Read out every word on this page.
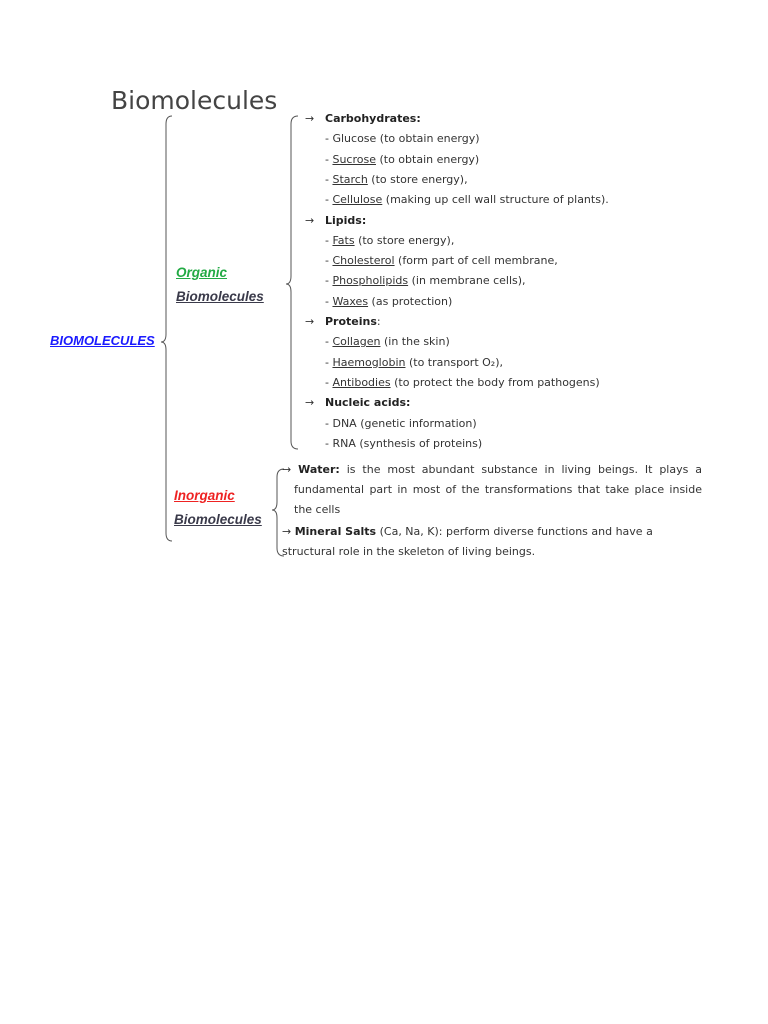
Biomolecules
BIOMOLECULES
Organic
Biomolecules
Inorganic
Biomolecules
→ Carbohydrates:
- Glucose (to obtain energy)
- Sucrose (to obtain energy)
- Starch (to store energy),
- Cellulose (making up cell wall structure of plants).
→ Lipids:
- Fats (to store energy),
- Cholesterol (form part of cell membrane,
- Phospholipids (in membrane cells),
- Waxes (as protection)
→ Proteins:
- Collagen (in the skin)
- Haemoglobin (to transport O₂),
- Antibodies (to protect the body from pathogens)
→ Nucleic acids:
- DNA (genetic information)
- RNA (synthesis of proteins)
→ Water: is the most abundant substance in living beings. It plays a fundamental part in most of the transformations that take place inside the cells
→ Mineral Salts (Ca, Na, K): perform diverse functions and have a structural role in the skeleton of living beings.
